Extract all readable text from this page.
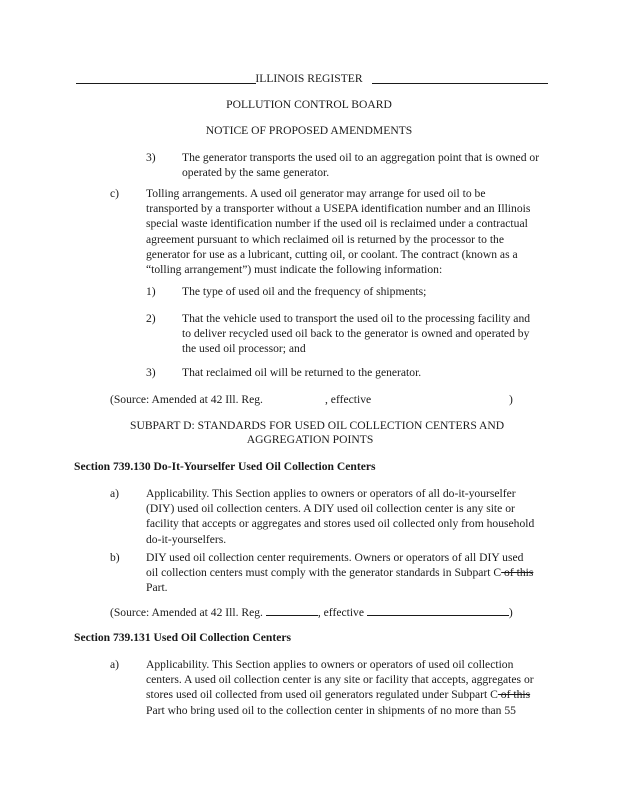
ILLINOIS REGISTER
POLLUTION CONTROL BOARD
NOTICE OF PROPOSED AMENDMENTS
3) The generator transports the used oil to an aggregation point that is owned or
operated by the same generator.
c) Tolling arrangements. A used oil generator may arrange for used oil to be
transported by a transporter without a USEPA identification number and an Illinois
special waste identification number if the used oil is reclaimed under a contractual
agreement pursuant to which reclaimed oil is returned by the processor to the
generator for use as a lubricant, cutting oil, or coolant. The contract (known as a
“tolling arrangement”) must indicate the following information:
1) The type of used oil and the frequency of shipments;
2) That the vehicle used to transport the used oil to the processing facility and
to deliver recycled used oil back to the generator is owned and operated by
the used oil processor; and
3) That reclaimed oil will be returned to the generator.
(Source: Amended at 42 Ill. Reg.	, effective	)
SUBPART D: STANDARDS FOR USED OIL COLLECTION CENTERS AND
AGGREGATION POINTS
Section 739.130 Do-It-Yourselfer Used Oil Collection Centers
a) Applicability. This Section applies to owners or operators of all do-it-yourselfer
(DIY) used oil collection centers. A DIY used oil collection center is any site or
facility that accepts or aggregates and stores used oil collected only from household
do-it-yourselfers.
b) DIY used oil collection center requirements. Owners or operators of all DIY used
oil collection centers must comply with the generator standards in Subpart C of this
Part.
(Source: Amended at 42 Ill. Reg.	, effective	)
Section 739.131 Used Oil Collection Centers
a) Applicability. This Section applies to owners or operators of used oil collection
centers. A used oil collection center is any site or facility that accepts, aggregates or
stores used oil collected from used oil generators regulated under Subpart C of this
Part who bring used oil to the collection center in shipments of no more than 55
